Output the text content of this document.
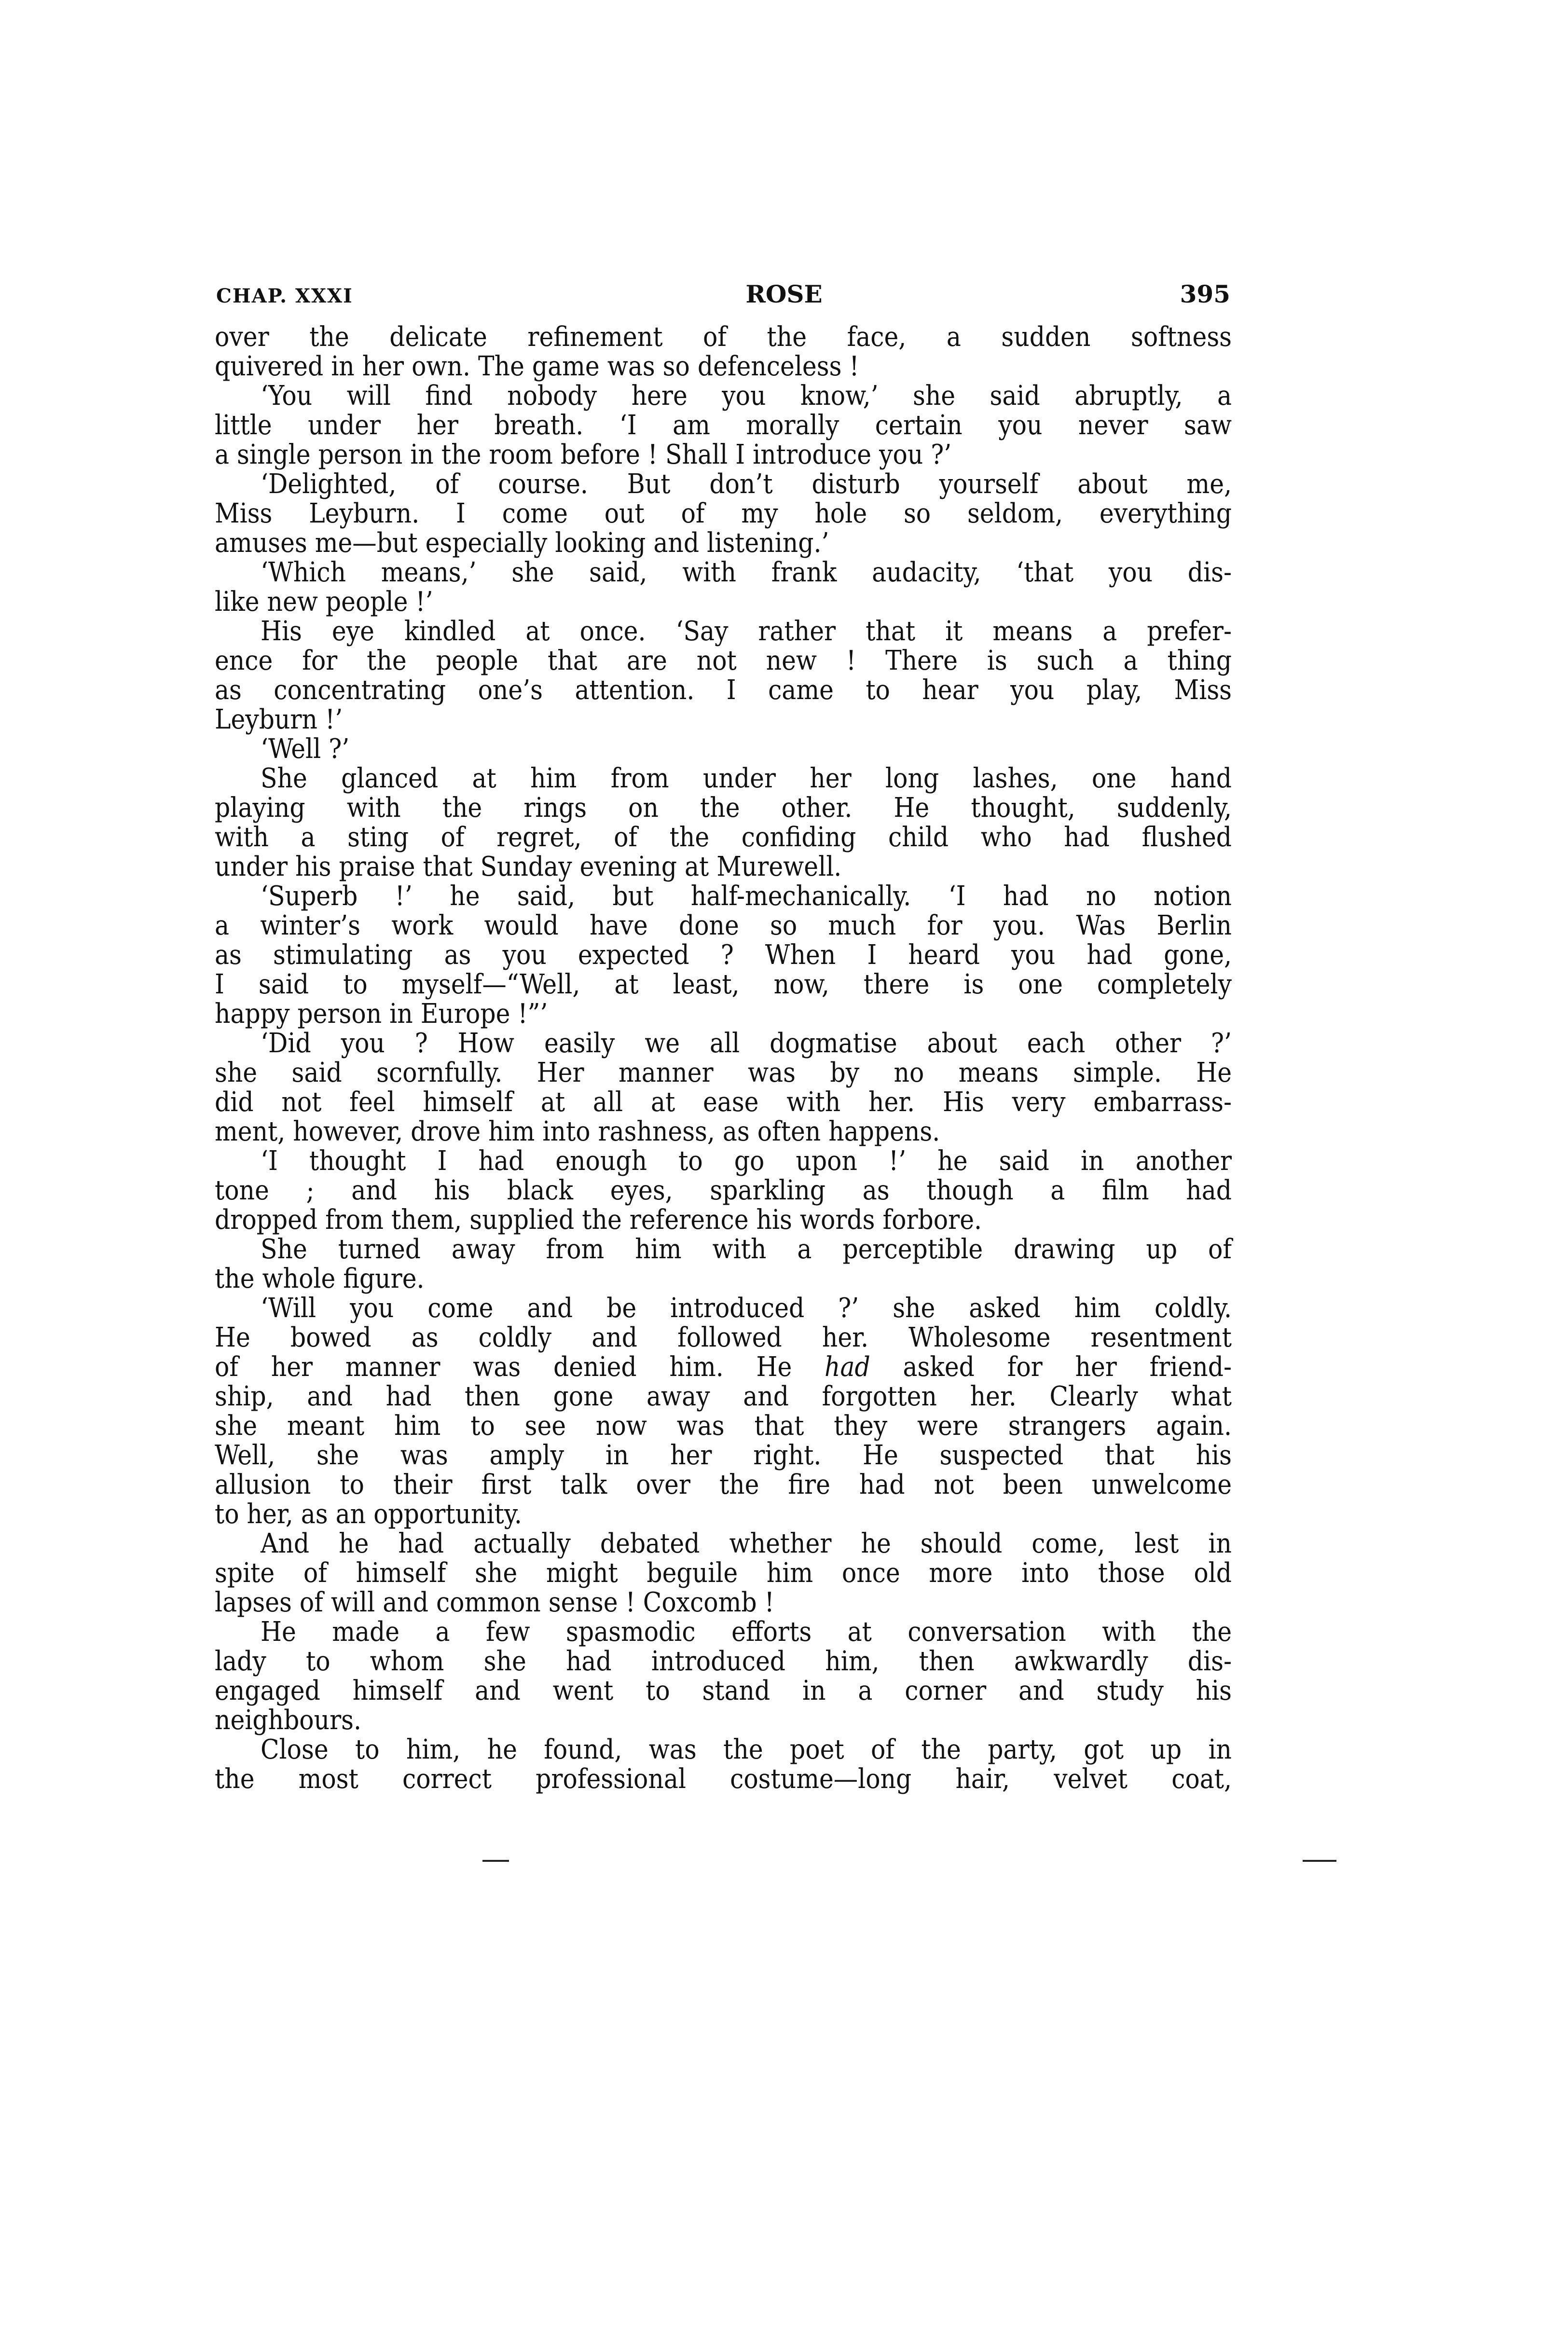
CHAP. XXXI	ROSE	395
over the delicate refinement of the face, a sudden softness
quivered in her own. The game was so defenceless !
‘You will find nobody here you know,’ she said abruptly, a
little under her breath. ‘I am morally certain you never saw
a single person in the room before ! Shall I introduce you ?’
‘Delighted, of course. But don’t disturb yourself about me,
Miss Leyburn. I come out of my hole so seldom, everything
amuses me—but especially looking and listening.’
‘Which means,’ she said, with frank audacity, ‘that you dis-
like new people !’
His eye kindled at once. ‘Say rather that it means a prefer-
ence for the people that are not new ! There is such a thing
as concentrating one’s attention. I came to hear you play, Miss
Leyburn !’
‘Well ?’
She glanced at him from under her long lashes, one hand
playing with the rings on the other. He thought, suddenly,
with a sting of regret, of the confiding child who had flushed
under his praise that Sunday evening at Murewell.
‘Superb !’ he said, but half-mechanically. ‘I had no notion
a winter’s work would have done so much for you. Was Berlin
as stimulating as you expected ? When I heard you had gone,
I said to myself—“Well, at least, now, there is one completely
happy person in Europe !”’
‘Did you ? How easily we all dogmatise about each other ?’
she said scornfully. Her manner was by no means simple. He
did not feel himself at all at ease with her. His very embarrass-
ment, however, drove him into rashness, as often happens.
‘I thought I had enough to go upon !’ he said in another
tone ; and his black eyes, sparkling as though a film had
dropped from them, supplied the reference his words forbore.
She turned away from him with a perceptible drawing up of
the whole figure.
‘Will you come and be introduced ?’ she asked him coldly.
He bowed as coldly and followed her. Wholesome resentment
of her manner was denied him. He had asked for her friend-
ship, and had then gone away and forgotten her. Clearly what
she meant him to see now was that they were strangers again.
Well, she was amply in her right. He suspected that his
allusion to their first talk over the fire had not been unwelcome
to her, as an opportunity.
And he had actually debated whether he should come, lest in
spite of himself she might beguile him once more into those old
lapses of will and common sense ! Coxcomb !
He made a few spasmodic efforts at conversation with the
lady to whom she had introduced him, then awkwardly dis-
engaged himself and went to stand in a corner and study his
neighbours.
Close to him, he found, was the poet of the party, got up in
the most correct professional costume—long hair, velvet coat,
